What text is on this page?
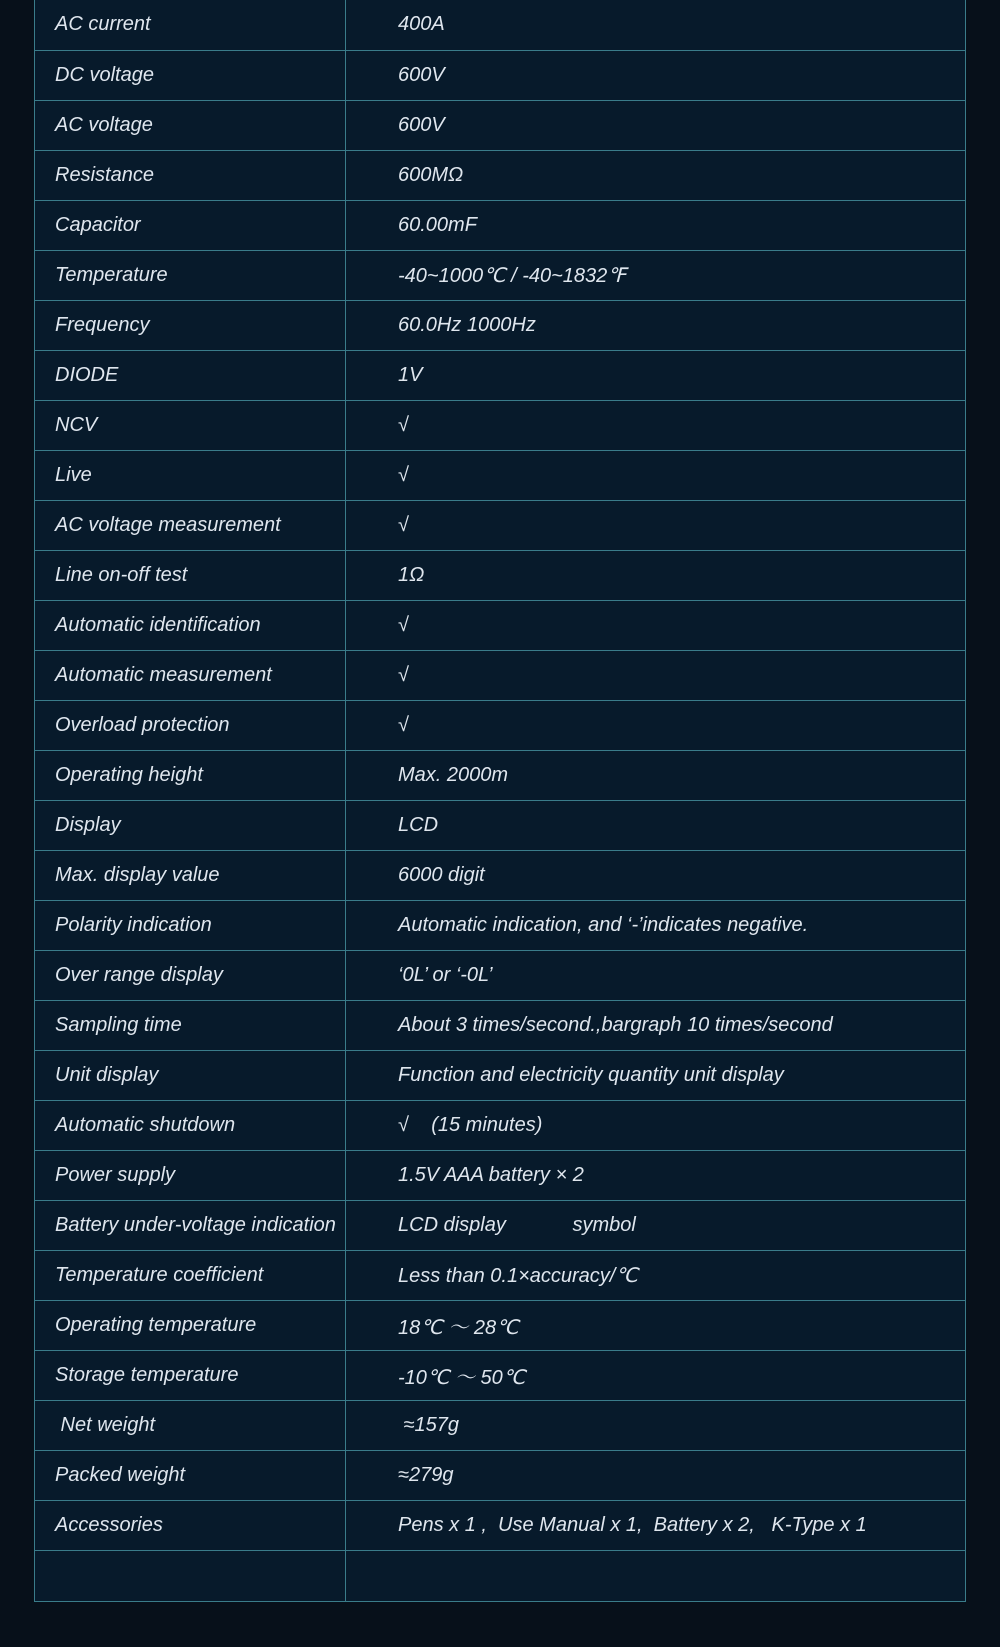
AC current	400A
DC voltage	600V
AC voltage	600V
Resistance	600MΩ
Capacitor	60.00mF
Temperature	-40~1000℃ / -40~1832℉
Frequency	60.0Hz 1000Hz
DIODE	1V
NCV	√
Live	√
AC voltage measurement	√
Line on-off test	1Ω
Automatic identification	√
Automatic measurement	√
Overload protection	√
Operating height	Max. 2000m
Display	LCD
Max. display value	6000 digit
Polarity indication	Automatic indication, and ‘-’indicates negative.
Over range display	‘0L’ or ‘-0L’
Sampling time	About 3 times/second.,bargraph 10 times/second
Unit display	Function and electricity quantity unit display
Automatic shutdown	√    (15 minutes)
Power supply	1.5V AAA battery × 2
Battery under-voltage indication	LCD display            symbol
Temperature coefficient	Less than 0.1×accuracy/℃
Operating temperature	18℃ ～ 28℃
Storage temperature	-10℃ ～ 50℃
Net weight	≈157g
Packed weight	≈279g
Accessories	Pens x 1 ,  Use Manual x 1,  Battery x 2,   K-Type x 1
